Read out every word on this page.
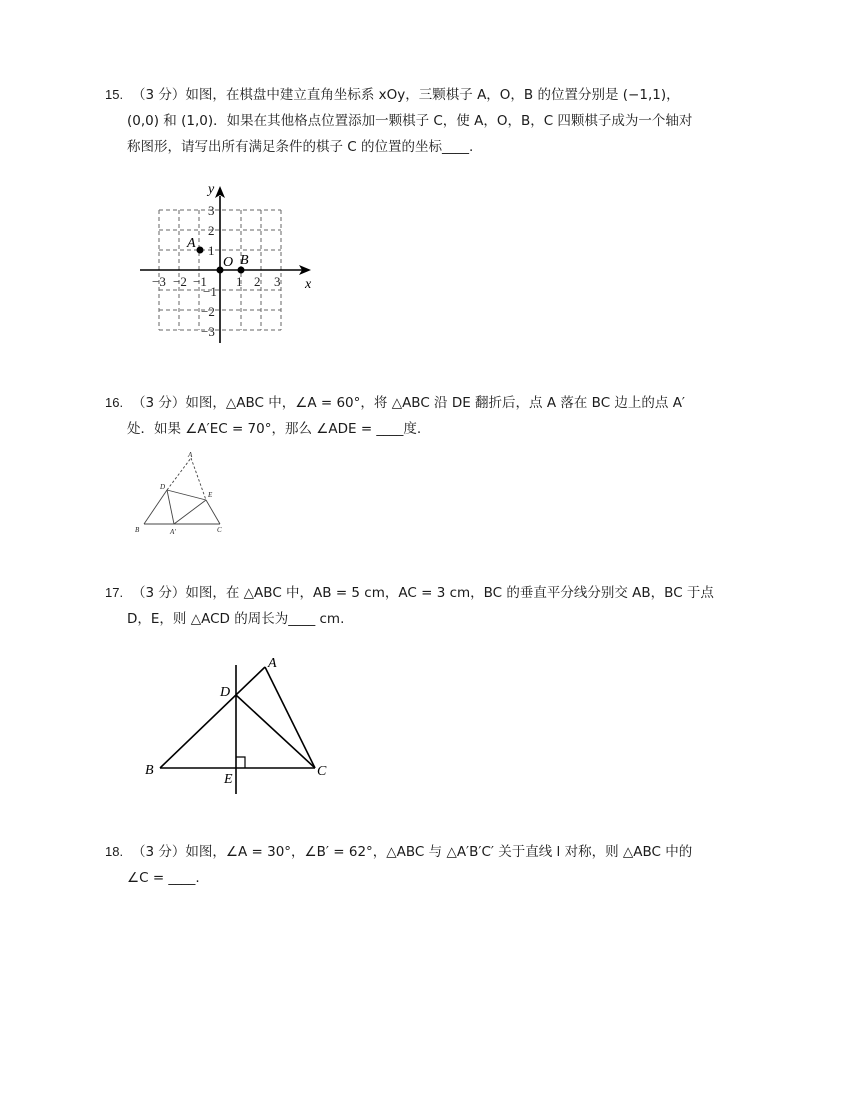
15. （3 分）如图，在棋盘中建立直角坐标系 xOy，三颗棋子 A，O，B 的位置分别是 (−1,1)，
(0,0) 和 (1,0)．如果在其他格点位置添加一颗棋子 C，使 A，O，B，C 四颗棋子成为一个轴对
称图形，请写出所有满足条件的棋子 C 的位置的坐标____.
x
y
−3 −2 −1 1 2 3
3
2
1
−1
−2
−3
A
O B
16. （3 分）如图，△ABC 中，∠A = 60°，将 △ABC 沿 DE 翻折后，点 A 落在 BC 边上的点 A′
处．如果 ∠A′EC = 70°，那么 ∠ADE = ____度.
A
D
E
B	A′	C
17. （3 分）如图，在 △ABC 中，AB = 5 cm，AC = 3 cm，BC 的垂直平分线分别交 AB，BC 于点
D，E，则 △ACD 的周长为____ cm.
A
D
B
E
C
18. （3 分）如图，∠A = 30°，∠B′ = 62°，△ABC 与 △A′B′C′ 关于直线 l 对称，则 △ABC 中的
∠C = ____.
